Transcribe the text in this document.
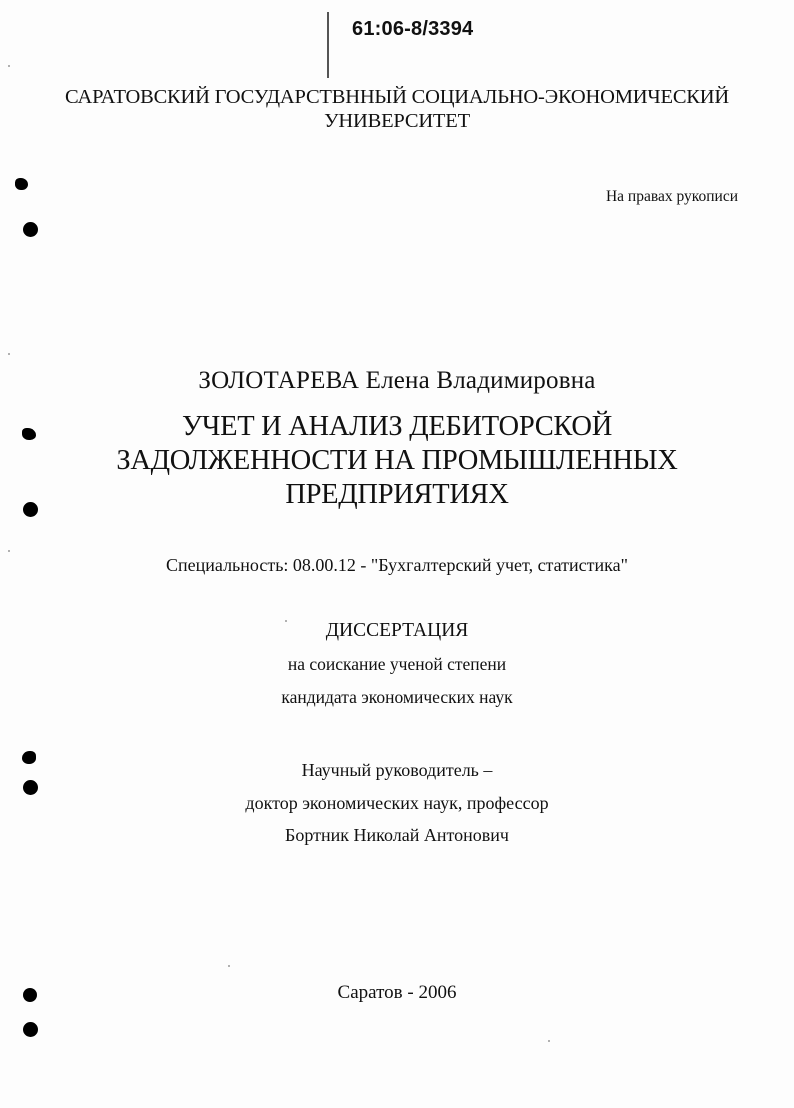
61:06-8/3394
САРАТОВСКИЙ ГОСУДАРСТВННЫЙ СОЦИАЛЬНО-ЭКОНОМИЧЕСКИЙ
УНИВЕРСИТЕТ
На правах рукописи
ЗОЛОТАРЕВА Елена Владимировна
УЧЕТ И АНАЛИЗ ДЕБИТОРСКОЙ
ЗАДОЛЖЕННОСТИ НА ПРОМЫШЛЕННЫХ
ПРЕДПРИЯТИЯХ
Специальность: 08.00.12 - "Бухгалтерский учет, статистика"
ДИССЕРТАЦИЯ
на соискание ученой степени
кандидата экономических наук
Научный руководитель –
доктор экономических наук, профессор
Бортник Николай Антонович
Саратов - 2006
